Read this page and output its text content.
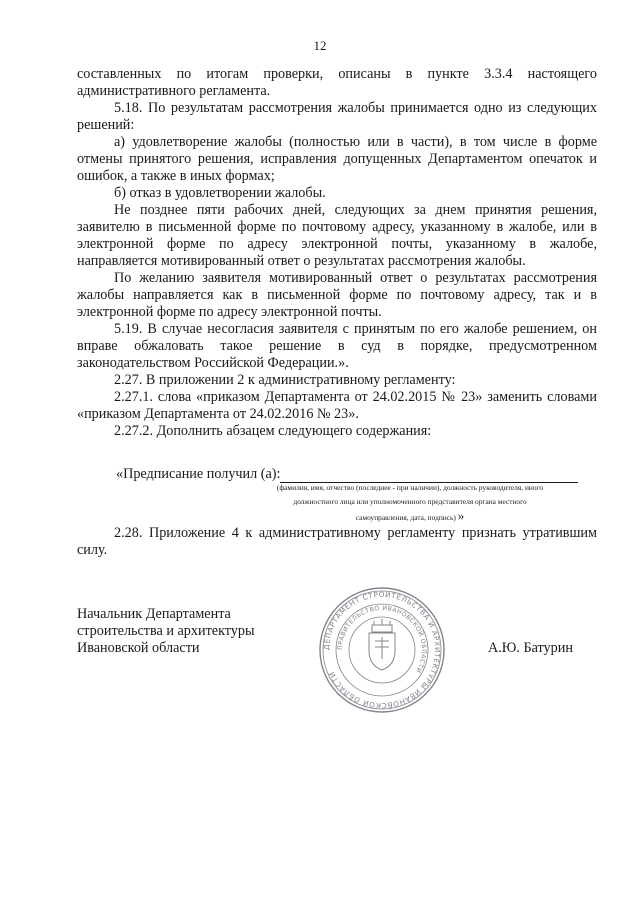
12

составленных по итогам проверки, описаны в пункте 3.3.4 настоящего административного регламента.

5.18. По результатам рассмотрения жалобы принимается одно из следующих решений:

а) удовлетворение жалобы (полностью или в части), в том числе в форме отмены принятого решения, исправления допущенных Департаментом опечаток и ошибок, а также в иных формах;

б) отказ в удовлетворении жалобы.

Не позднее пяти рабочих дней, следующих за днем принятия решения, заявителю в письменной форме по почтовому адресу, указанному в жалобе, или в электронной форме по адресу электронной почты, указанному в жалобе, направляется мотивированный ответ о результатах рассмотрения жалобы.

По желанию заявителя мотивированный ответ о результатах рассмотрения жалобы направляется как в письменной форме по почтовому адресу, так и в электронной форме по адресу электронной почты.

5.19. В случае несогласия заявителя с принятым по его жалобе решением, он вправе обжаловать такое решение в суд в порядке, предусмотренном законодательством Российской Федерации.».

2.27. В приложении 2 к административному регламенту:

2.27.1. слова «приказом Департамента от 24.02.2015 № 23» заменить словами «приказом Департамента от 24.02.2016 № 23».

2.27.2. Дополнить абзацем следующего содержания:

«Предписание получил (а):
(фамилия, имя, отчество (последнее - при наличии), должность руководителя, иного
должностного лица или уполномоченного представителя органа местного
самоуправления, дата, подпись) »

2.28. Приложение 4 к административному регламенту признать утратившим силу.

Начальник Департамента

строительства и архитектуры

Ивановской области	А.Ю. Батурин
ДЕПАРТАМЕНТ СТРОИТЕЛЬСТВА И АРХИТЕКТУРЫ ИВАНОВСКОЙ ОБЛАСТИ
ПРАВИТЕЛЬСТВО ИВАНОВСКОЙ ОБЛАСТИ
